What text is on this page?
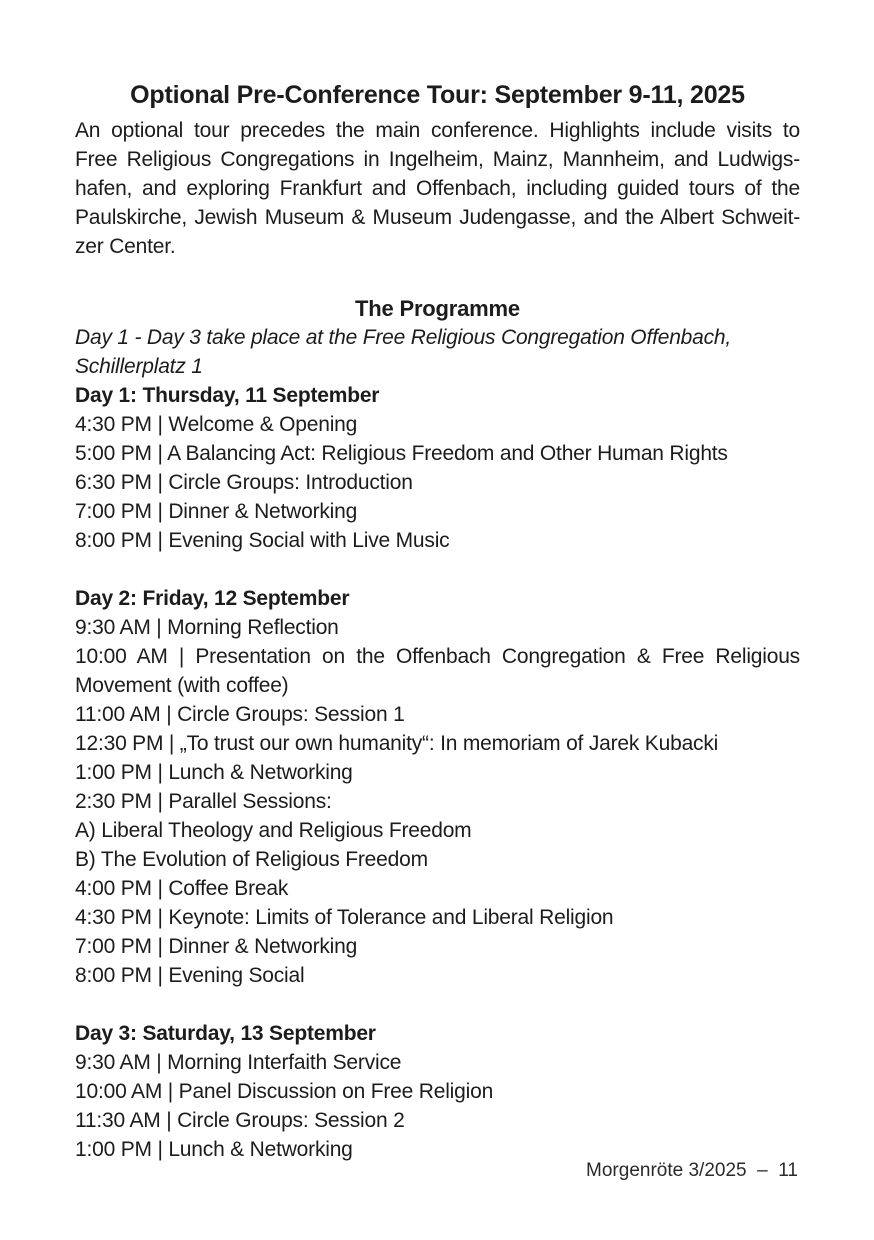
Optional Pre-Conference Tour: September 9-11, 2025
An optional tour precedes the main conference. Highlights include visits to
Free Religious Congregations in Ingelheim, Mainz, Mannheim, and Ludwigs-
hafen, and exploring Frankfurt and Offenbach, including guided tours of the
Paulskirche, Jewish Museum & Museum Judengasse, and the Albert Schweit-
zer Center.
The Programme
Day 1 - Day 3 take place at the Free Religious Congregation Offenbach,
Schillerplatz 1
Day 1: Thursday, 11 September
4:30 PM | Welcome & Opening
5:00 PM | A Balancing Act: Religious Freedom and Other Human Rights
6:30 PM | Circle Groups: Introduction
7:00 PM | Dinner & Networking
8:00 PM | Evening Social with Live Music
Day 2: Friday, 12 September
9:30 AM | Morning Reflection
10:00 AM | Presentation on the Offenbach Congregation & Free Religious
Movement (with coffee)
11:00 AM | Circle Groups: Session 1
12:30 PM | „To trust our own humanity“: In memoriam of Jarek Kubacki
1:00 PM | Lunch & Networking
2:30 PM | Parallel Sessions:
A) Liberal Theology and Religious Freedom
B) The Evolution of Religious Freedom
4:00 PM | Coffee Break
4:30 PM | Keynote: Limits of Tolerance and Liberal Religion
7:00 PM | Dinner & Networking
8:00 PM | Evening Social
Day 3: Saturday, 13 September
9:30 AM | Morning Interfaith Service
10:00 AM | Panel Discussion on Free Religion
11:30 AM | Circle Groups: Session 2
1:00 PM | Lunch & Networking

Morgenröte 3/2025  –  11
